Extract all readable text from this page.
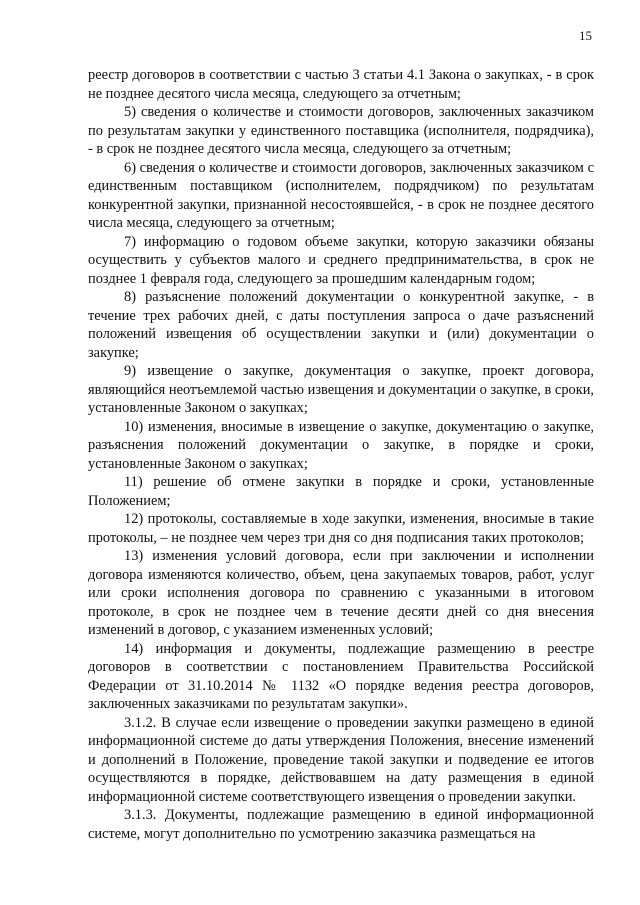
15

реестр договоров в соответствии с частью 3 статьи 4.1 Закона о закупках, - в срок не позднее десятого числа месяца, следующего за отчетным;

5) сведения о количестве и стоимости договоров, заключенных заказчиком по результатам закупки у единственного поставщика (исполнителя, подрядчика), - в срок не позднее десятого числа месяца, следующего за отчетным;

6) сведения о количестве и стоимости договоров, заключенных заказчиком с единственным поставщиком (исполнителем, подрядчиком) по результатам конкурентной закупки, признанной несостоявшейся, - в срок не позднее десятого числа месяца, следующего за отчетным;

7) информацию о годовом объеме закупки, которую заказчики обязаны осуществить у субъектов малого и среднего предпринимательства, в срок не позднее 1 февраля года, следующего за прошедшим календарным годом;

8) разъяснение положений документации о конкурентной закупке, - в течение трех рабочих дней, с даты поступления запроса о даче разъяснений положений извещения об осуществлении закупки и (или) документации о закупке;

9) извещение о закупке, документация о закупке, проект договора, являющийся неотъемлемой частью извещения и документации о закупке, в сроки, установленные Законом о закупках;

10) изменения, вносимые в извещение о закупке, документацию о закупке, разъяснения положений документации о закупке, в порядке и сроки, установленные Законом о закупках;

11) решение об отмене закупки в порядке и сроки, установленные Положением;

12) протоколы, составляемые в ходе закупки, изменения, вносимые в такие протоколы, – не позднее чем через три дня со дня подписания таких протоколов;

13) изменения условий договора, если при заключении и исполнении договора изменяются количество, объем, цена закупаемых товаров, работ, услуг или сроки исполнения договора по сравнению с указанными в итоговом протоколе, в срок не позднее чем в течение десяти дней со дня внесения изменений в договор, с указанием измененных условий;

14) информация и документы, подлежащие размещению в реестре договоров в соответствии с постановлением Правительства Российской Федерации от 31.10.2014 № 1132 «О порядке ведения реестра договоров, заключенных заказчиками по результатам закупки».

3.1.2. В случае если извещение о проведении закупки размещено в единой информационной системе до даты утверждения Положения, внесение изменений и дополнений в Положение, проведение такой закупки и подведение ее итогов осуществляются в порядке, действовавшем на дату размещения в единой информационной системе соответствующего извещения о проведении закупки.

3.1.3. Документы, подлежащие размещению в единой информационной системе, могут дополнительно по усмотрению заказчика размещаться на
